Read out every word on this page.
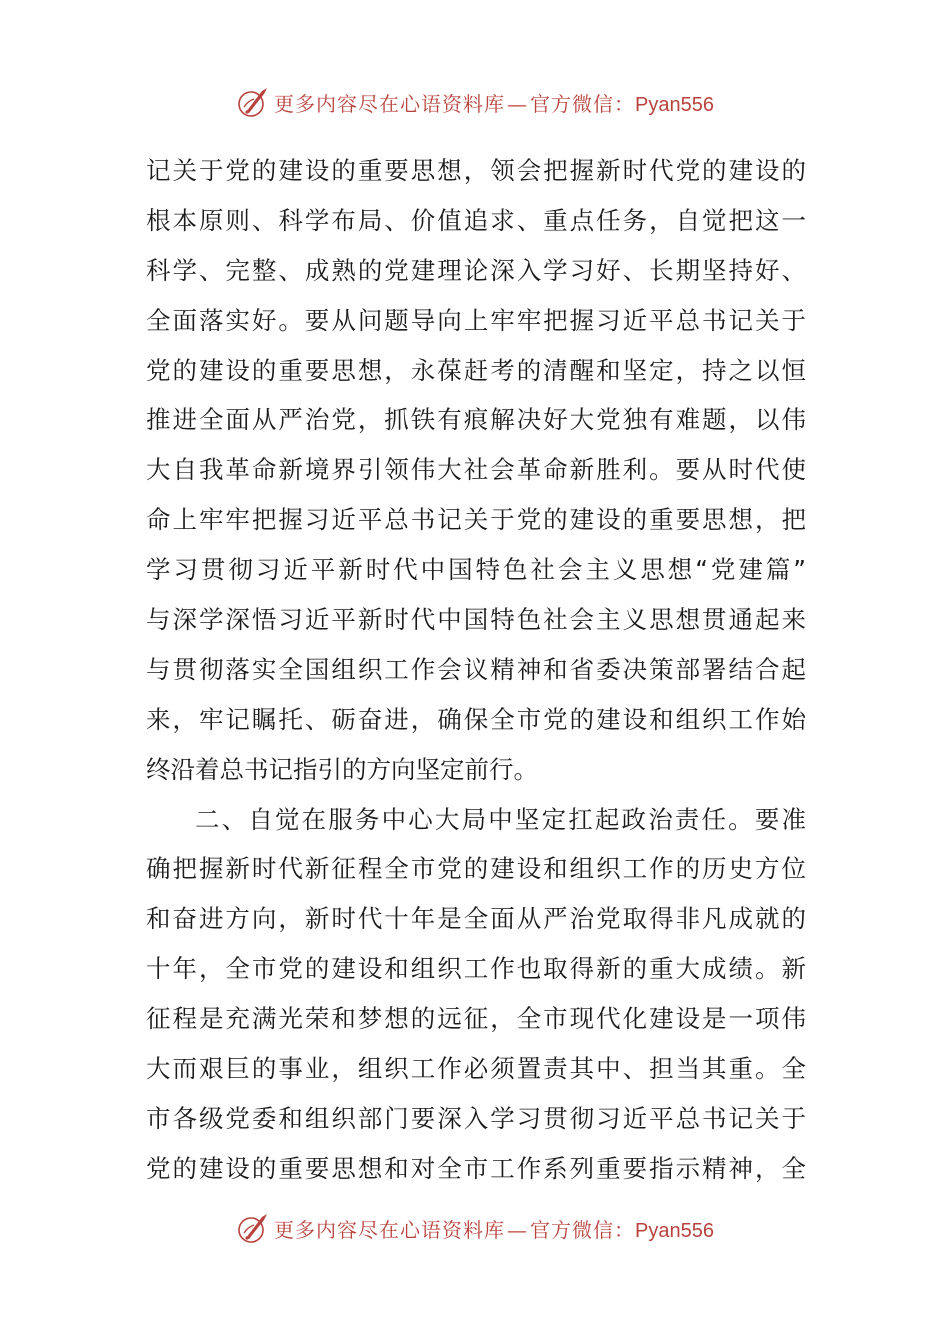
更多内容尽在心语资料库 — 官方微信：Pyan556
记关于党的建设的重要思想，领会把握新时代党的建设的
根本原则、科学布局、价值追求、重点任务，自觉把这一
科学、完整、成熟的党建理论深入学习好、长期坚持好、
全面落实好。要从问题导向上牢牢把握习近平总书记关于
党的建设的重要思想，永葆赶考的清醒和坚定，持之以恒
推进全面从严治党，抓铁有痕解决好大党独有难题，以伟
大自我革命新境界引领伟大社会革命新胜利。要从时代使
命上牢牢把握习近平总书记关于党的建设的重要思想，把
学习贯彻习近平新时代中国特色社会主义思想“党建篇”
与深学深悟习近平新时代中国特色社会主义思想贯通起来
与贯彻落实全国组织工作会议精神和省委决策部署结合起
来，牢记瞩托、砺奋进，确保全市党的建设和组织工作始
终沿着总书记指引的方向坚定前行。
二、自觉在服务中心大局中坚定扛起政治责任。要准
确把握新时代新征程全市党的建设和组织工作的历史方位
和奋进方向，新时代十年是全面从严治党取得非凡成就的
十年，全市党的建设和组织工作也取得新的重大成绩。新
征程是充满光荣和梦想的远征，全市现代化建设是一项伟
大而艰巨的事业，组织工作必须置责其中、担当其重。全
市各级党委和组织部门要深入学习贯彻习近平总书记关于
党的建设的重要思想和对全市工作系列重要指示精神，全
更多内容尽在心语资料库 — 官方微信：Pyan556
